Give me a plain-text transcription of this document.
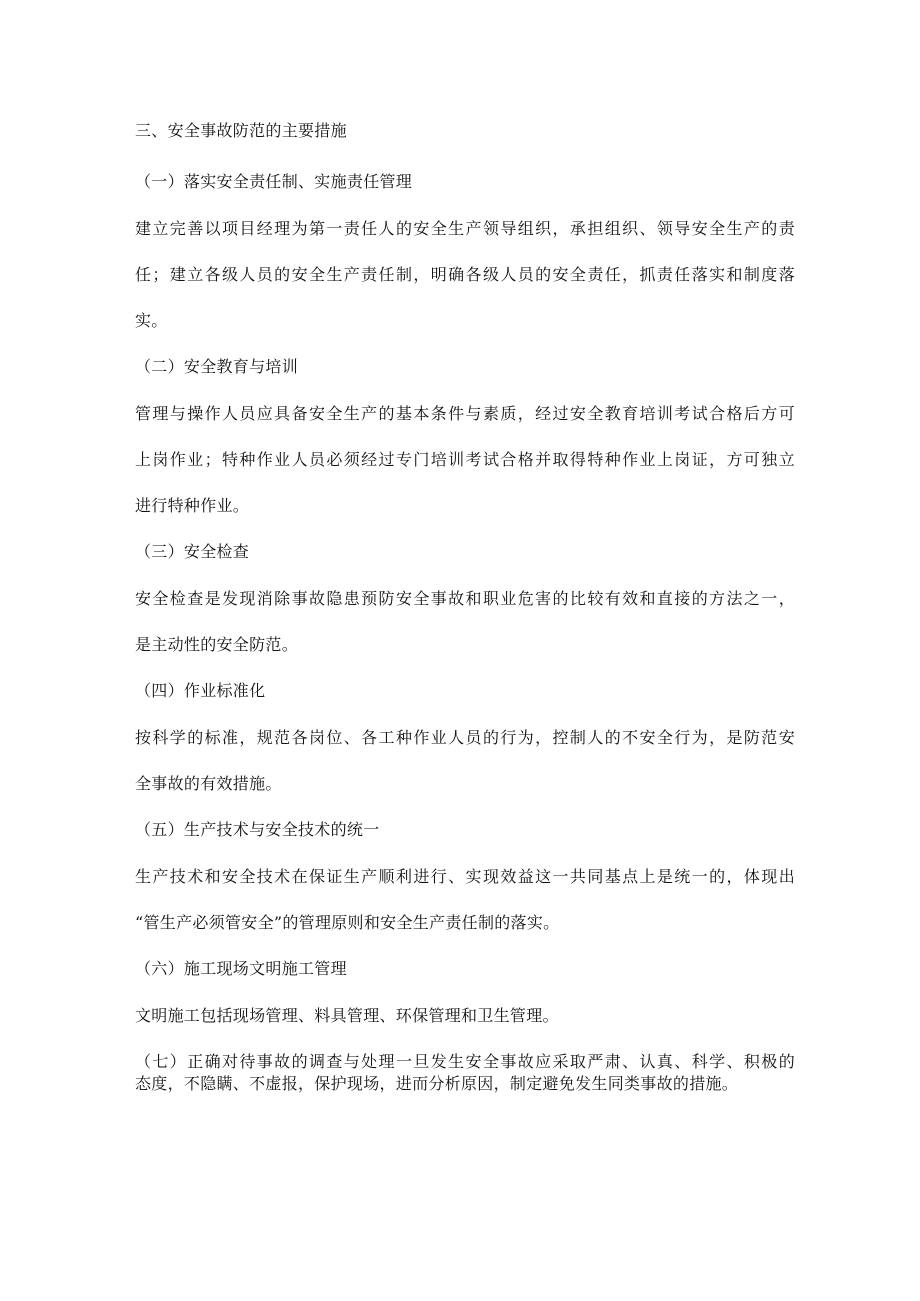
三、安全事故防范的主要措施
（一）落实安全责任制、实施责任管理
建立完善以项目经理为第一责任人的安全生产领导组织，承担组织、领导安全生产的责
任；建立各级人员的安全生产责任制，明确各级人员的安全责任，抓责任落实和制度落
实。
（二）安全教育与培训
管理与操作人员应具备安全生产的基本条件与素质，经过安全教育培训考试合格后方可
上岗作业；特种作业人员必须经过专门培训考试合格并取得特种作业上岗证，方可独立
进行特种作业。
（三）安全检查
安全检查是发现消除事故隐患预防安全事故和职业危害的比较有效和直接的方法之一，
是主动性的安全防范。
（四）作业标准化
按科学的标准，规范各岗位、各工种作业人员的行为，控制人的不安全行为，是防范安
全事故的有效措施。
（五）生产技术与安全技术的统一
生产技术和安全技术在保证生产顺利进行、实现效益这一共同基点上是统一的，体现出
“管生产必须管安全”的管理原则和安全生产责任制的落实。
（六）施工现场文明施工管理
文明施工包括现场管理、料具管理、环保管理和卫生管理。
（七）正确对待事故的调查与处理一旦发生安全事故应采取严肃、认真、科学、积极的
态度，不隐瞒、不虚报，保护现场，进而分析原因，制定避免发生同类事故的措施。
